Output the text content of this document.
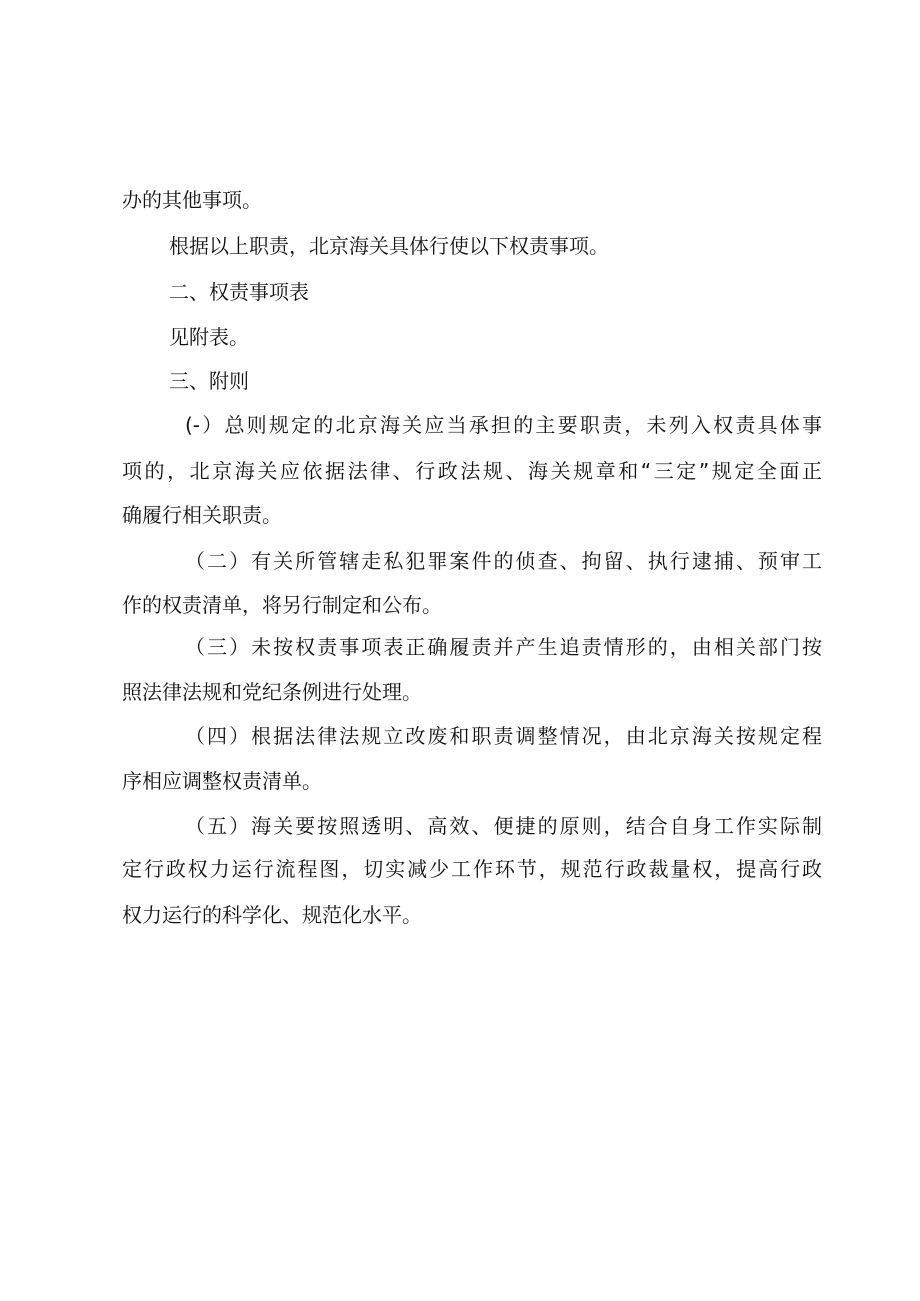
办的其他事项。
根据以上职责，北京海关具体行使以下权责事项。
二、权责事项表
见附表。
三、附则
(-）总则规定的北京海关应当承担的主要职责，未列入权责具体事
项的，北京海关应依据法律、行政法规、海关规章和“三定”规定全面正
确履行相关职责。
（二）有关所管辖走私犯罪案件的侦查、拘留、执行逮捕、预审工
作的权责清单，将另行制定和公布。
（三）未按权责事项表正确履责并产生追责情形的，由相关部门按
照法律法规和党纪条例进行处理。
（四）根据法律法规立改废和职责调整情况，由北京海关按规定程
序相应调整权责清单。
（五）海关要按照透明、高效、便捷的原则，结合自身工作实际制
定行政权力运行流程图，切实减少工作环节，规范行政裁量权，提高行政
权力运行的科学化、规范化水平。
